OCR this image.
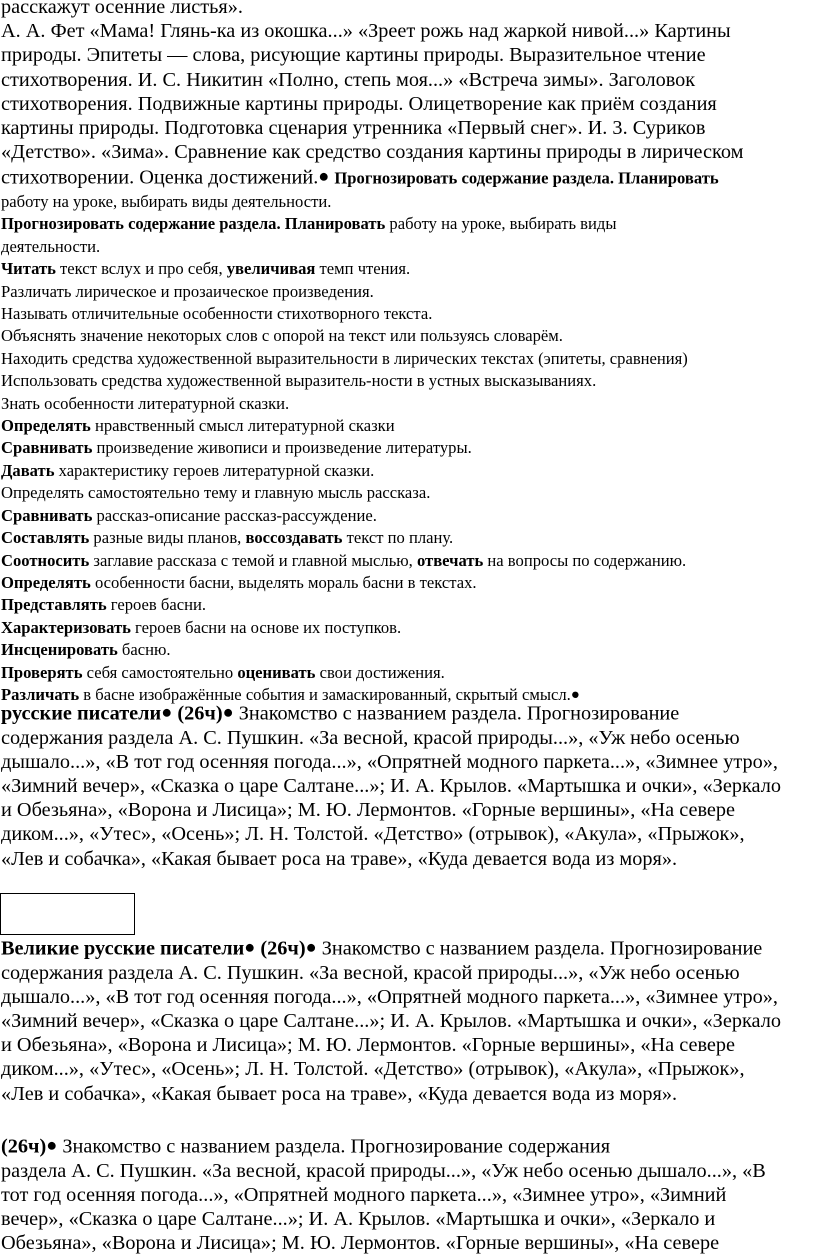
расскажут осенние листья».
А. А. Фет «Мама! Глянь-ка из окошка...» «Зреет рожь над жаркой нивой...» Картины
природы. Эпитеты — слова, рисующие картины природы. Выразительное чтение
стихотворения. И. С. Никитин «Полно, степь моя...» «Встреча зимы». Заголовок
стихотворения. Подвижные картины природы. Олицетворение как приём создания
картины природы. Подготовка сценария утренника «Первый снег». И. 3. Суриков
«Детство». «Зима». Сравнение как средство создания картины природы в лирическом
стихотворении. Оценка достижений.● Прогнозировать содержание раздела. Планировать

работу на уроке, выбирать виды деятельности.

Прогнозировать содержание раздела. Планировать работу на уроке, выбирать виды

деятельности.

Читать текст вслух и про себя, увеличивая темп чтения.

Различать лирическое и прозаическое произведения.

Называть отличительные особенности стихотворного текста.

Объяснять значение некоторых слов с опорой на текст или пользуясь словарём.

Находить средства художественной выразительности в лирических текстах (эпитеты, сравнения)

Использовать средства художественной выразитель-ности в устных высказываниях.

Знать особенности литературной сказки.

Определять нравственный смысл литературной сказки

Сравнивать произведение живописи и произведение литературы.

Давать характеристику героев литературной сказки.

Определять самостоятельно тему и главную мысль рассказа.

Сравнивать рассказ-описание рассказ-рассуждение.

Составлять разные виды планов, воссоздавать текст по плану.

Соотносить заглавие рассказа с темой и главной мыслью, отвечать на вопросы по содержанию.

Определять особенности басни, выделять мораль басни в текстах.

Представлять героев басни.

Характеризовать героев басни на основе их поступков.

Инсценировать басню.

Проверять себя самостоятельно оценивать свои достижения.

Различать в басне изображённые события и замаскированный, скрытый смысл.●

русские писатели● (26ч)● Знакомство с названием раздела. Прогнозирование
содержания раздела А. С. Пушкин. «За весной, красой природы...», «Уж небо осенью
дышало...», «В тот год осенняя погода...», «Опрятней модного паркета...», «Зимнее утро»,
«Зимний вечер», «Сказка о царе Салтане...»; И. А. Крылов. «Мартышка и очки», «Зеркало
и Обезьяна», «Ворона и Лисица»; М. Ю. Лермонтов. «Горные вершины», «На севере
диком...», «Утес», «Осень»; Л. Н. Толстой. «Детство» (отрывок), «Акула», «Прыжок»,
«Лев и собачка», «Какая бывает роса на траве», «Куда девается вода из моря».
Великие русские писатели● (26ч)● Знакомство с названием раздела. Прогнозирование
содержания раздела А. С. Пушкин. «За весной, красой природы...», «Уж небо осенью
дышало...», «В тот год осенняя погода...», «Опрятней модного паркета...», «Зимнее утро»,
«Зимний вечер», «Сказка о царе Салтане...»; И. А. Крылов. «Мартышка и очки», «Зеркало
и Обезьяна», «Ворона и Лисица»; М. Ю. Лермонтов. «Горные вершины», «На севере
диком...», «Утес», «Осень»; Л. Н. Толстой. «Детство» (отрывок), «Акула», «Прыжок»,
«Лев и собачка», «Какая бывает роса на траве», «Куда девается вода из моря».
(26ч)● Знакомство с названием раздела. Прогнозирование содержания
раздела А. С. Пушкин. «За весной, красой природы...», «Уж небо осенью дышало...», «В
тот год осенняя погода...», «Опрятней модного паркета...», «Зимнее утро», «Зимний
вечер», «Сказка о царе Салтане...»; И. А. Крылов. «Мартышка и очки», «Зеркало и
Обезьяна», «Ворона и Лисица»; М. Ю. Лермонтов. «Горные вершины», «На севере
